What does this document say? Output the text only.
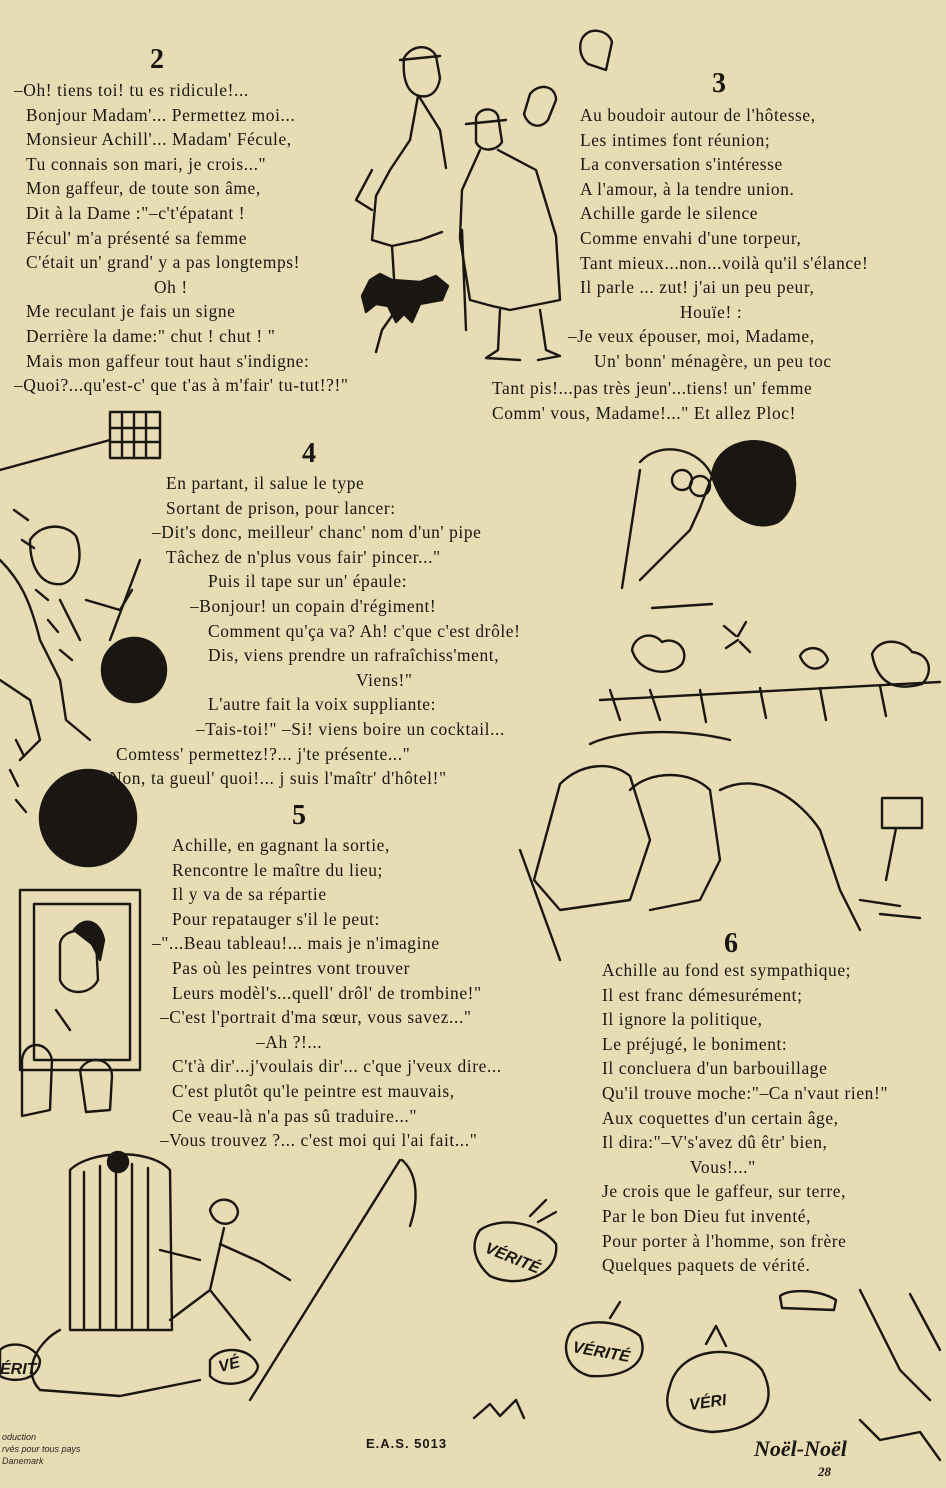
VÉRITÉ
VÉRITÉ
VÉRI
VÉ
ÉRIT
2
–Oh! tiens toi! tu es ridicule!...
Bonjour Madam'... Permettez moi...
Monsieur Achill'... Madam' Fécule,
Tu connais son mari, je crois..."
Mon gaffeur, de toute son âme,
Dit à la Dame :"–c't'épatant !
Fécul' m'a présenté sa femme
C'était un' grand' y a pas longtemps!
Oh !
Me reculant je fais un signe
Derrière la dame:" chut ! chut ! "
Mais mon gaffeur tout haut s'indigne:
–Quoi?...qu'est-c' que t'as à m'fair' tu-tut!?!"
3
Au boudoir autour de l'hôtesse,
Les intimes font réunion;
La conversation s'intéresse
A l'amour, à la tendre union.
Achille garde le silence
Comme envahi d'une torpeur,
Tant mieux...non...voilà qu'il s'élance!
Il parle ... zut! j'ai un peu peur,
Houïe! :
–Je veux épouser, moi, Madame,
Un' bonn' ménagère, un peu toc
Tant pis!...pas très jeun'...tiens! un' femme
Comm' vous, Madame!..." Et allez Ploc!
4
En partant, il salue le type
Sortant de prison, pour lancer:
–Dit's donc, meilleur' chanc' nom d'un' pipe
Tâchez de n'plus vous fair' pincer..."
Puis il tape sur un' épaule:
–Bonjour! un copain d'régiment!
Comment qu'ça va? Ah! c'que c'est drôle!
Dis, viens prendre un rafraîchiss'ment,
Viens!"
L'autre fait la voix suppliante:
–Tais-toi!" –Si! viens boire un cocktail...
Comtess' permettez!?... j'te présente..."
–Non, ta gueul' quoi!... j suis l'maîtr' d'hôtel!"
5
Achille, en gagnant la sortie,
Rencontre le maître du lieu;
Il y va de sa répartie
Pour repatauger s'il le peut:
–"...Beau tableau!... mais je n'imagine
Pas où les peintres vont trouver
Leurs modèl's...quell' drôl' de trombine!"
–C'est l'portrait d'ma sœur, vous savez..."
–Ah ?!...
C't'à dir'...j'voulais dir'... c'que j'veux dire...
C'est plutôt qu'le peintre est mauvais,
Ce veau-là n'a pas sû traduire..."
–Vous trouvez ?... c'est moi qui l'ai fait..."
6
Achille au fond est sympathique;
Il est franc démesurément;
Il ignore la politique,
Le préjugé, le boniment:
Il concluera d'un barbouillage
Qu'il trouve moche:"–Ca n'vaut rien!"
Aux coquettes d'un certain âge,
Il dira:"–V's'avez dû êtr' bien,
Vous!..."
Je crois que le gaffeur, sur terre,
Par le bon Dieu fut inventé,
Pour porter à l'homme, son frère
Quelques paquets de vérité.
oduction
rvés pour tous pays
Danemark
E.A.S. 5013	Noël-Noël
28
